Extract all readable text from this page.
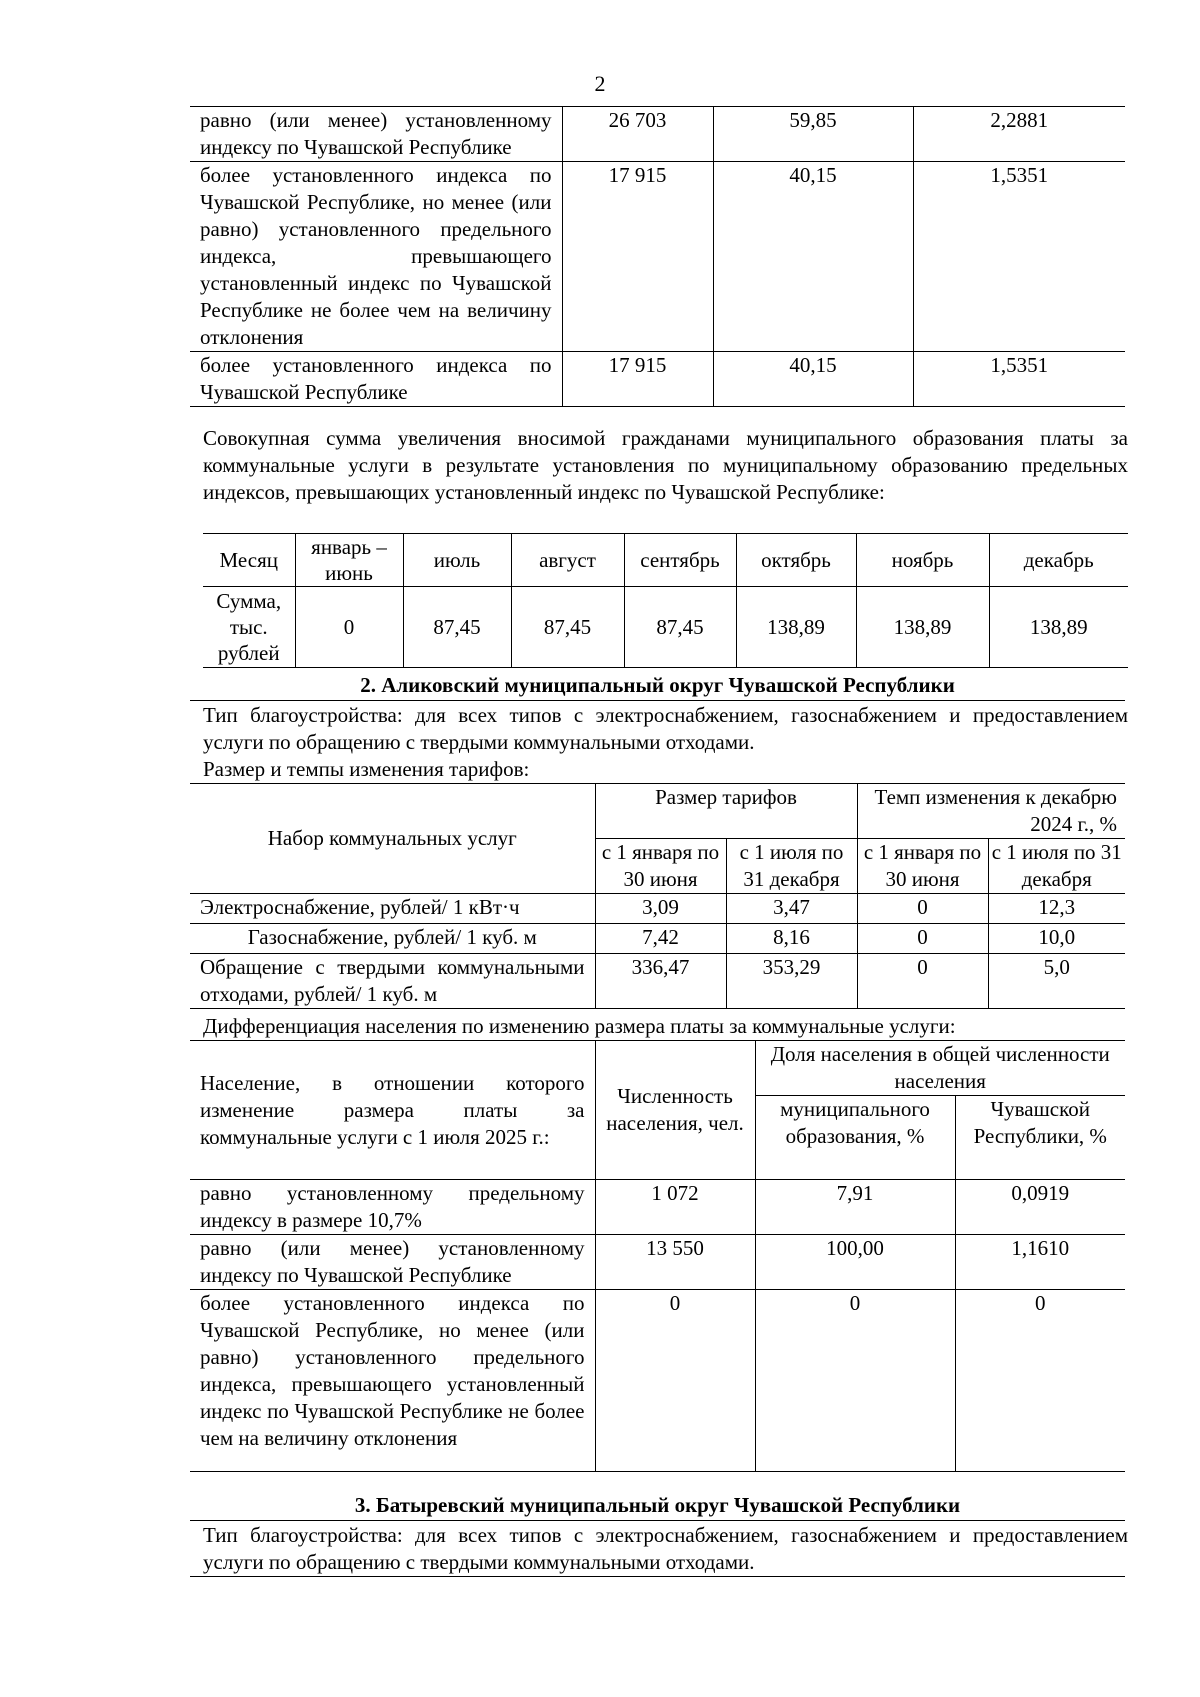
2
равно (или менее) установленному индексу по Чувашской Республике	26 703	59,85	2,2881
более установленного индекса по Чувашской Республике, но менее (или равно) установленного предельного индекса, превышающего установленный индекс по Чувашской Республике не более чем на величину отклонения	17 915	40,15	1,5351
более установленного индекса по Чувашской Республике	17 915	40,15	1,5351
Совокупная сумма увеличения вносимой гражданами муниципального образования платы за коммунальные услуги в результате установления по муниципальному образованию предельных индексов, превышающих установленный индекс по Чувашской Республике:
Месяц	январь – июнь	июль	август	сентябрь	октябрь	ноябрь	декабрь
Сумма, тыс. рублей	0	87,45	87,45	87,45	138,89	138,89	138,89
2. Аликовский муниципальный округ Чувашской Республики
Тип благоустройства: для всех типов с электроснабжением, газоснабжением и предоставлением услуги по обращению с твердыми коммунальными отходами.
Размер и темпы изменения тарифов:
Набор коммунальных услуг	Размер тарифов		Темп изменения к декабрю 2024 г., %	
	с 1 января по 30 июня	с 1 июля по 31 декабря	с 1 января по 30 июня	с 1 июля по 31 декабря
Электроснабжение, рублей/ 1 кВт·ч	3,09	3,47	0	12,3
Газоснабжение, рублей/ 1 куб. м	7,42	8,16	0	10,0
Обращение с твердыми коммунальными отходами, рублей/ 1 куб. м	336,47	353,29	0	5,0
Дифференциация населения по изменению размера платы за коммунальные услуги:
Население, в отношении которого изменение размера платы за коммунальные услуги с 1 июля 2025 г.:	Численность населения, чел.	Доля населения в общей численности населения	
		муниципального образования, %	Чувашской Республики, %
равно установленному предельному индексу в размере 10,7%	1 072	7,91	0,0919
равно (или менее) установленному индексу по Чувашской Республике	13 550	100,00	1,1610
более установленного индекса по Чувашской Республике, но менее (или равно) установленного предельного индекса, превышающего установленный индекс по Чувашской Республике не более чем на величину отклонения	0	0	0
3. Батыревский муниципальный округ Чувашской Республики
Тип благоустройства: для всех типов с электроснабжением, газоснабжением и предоставлением услуги по обращению с твердыми коммунальными отходами.
